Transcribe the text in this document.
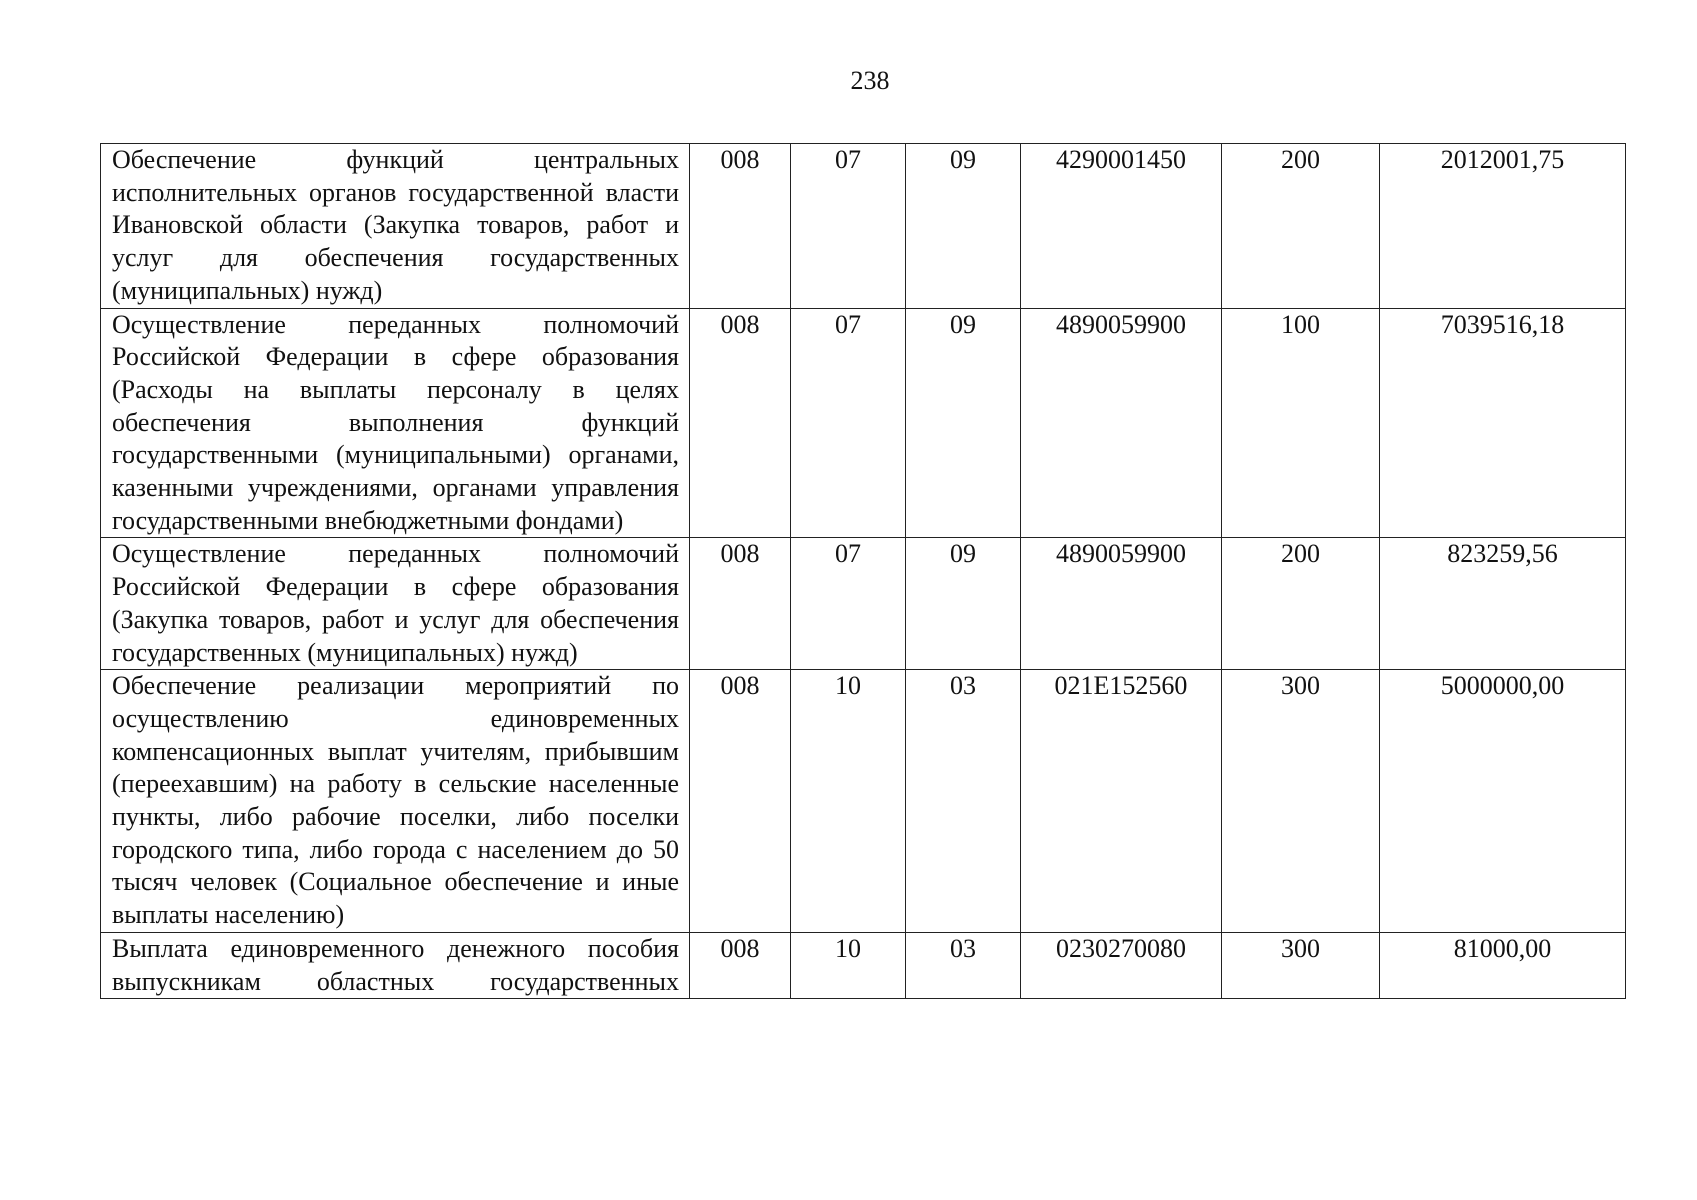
238
Обеспечение функций центральных исполнительных органов государственной власти Ивановской области (Закупка товаров, работ и услуг для обеспечения государственных (муниципальных) нужд)	008	07	09	4290001450	200	2012001,75

Осуществление переданных полномочий Российской Федерации в сфере образования (Расходы на выплаты персоналу в целях обеспечения выполнения функций государственными (муниципальными) органами, казенными учреждениями, органами управления государственными внебюджетными фондами)	008	07	09	4890059900	100	7039516,18

Осуществление переданных полномочий Российской Федерации в сфере образования (Закупка товаров, работ и услуг для обеспечения государственных (муниципальных) нужд)	008	07	09	4890059900	200	823259,56

Обеспечение реализации мероприятий по осуществлению единовременных компенсационных выплат учителям, прибывшим (переехавшим) на работу в сельские населенные пункты, либо рабочие поселки, либо поселки городского типа, либо города с населением до 50 тысяч человек (Социальное обеспечение и иные выплаты населению)	008	10	03	021E152560	300	5000000,00

Выплата единовременного денежного пособия выпускникам областных государственных	008	10	03	0230270080	300	81000,00
